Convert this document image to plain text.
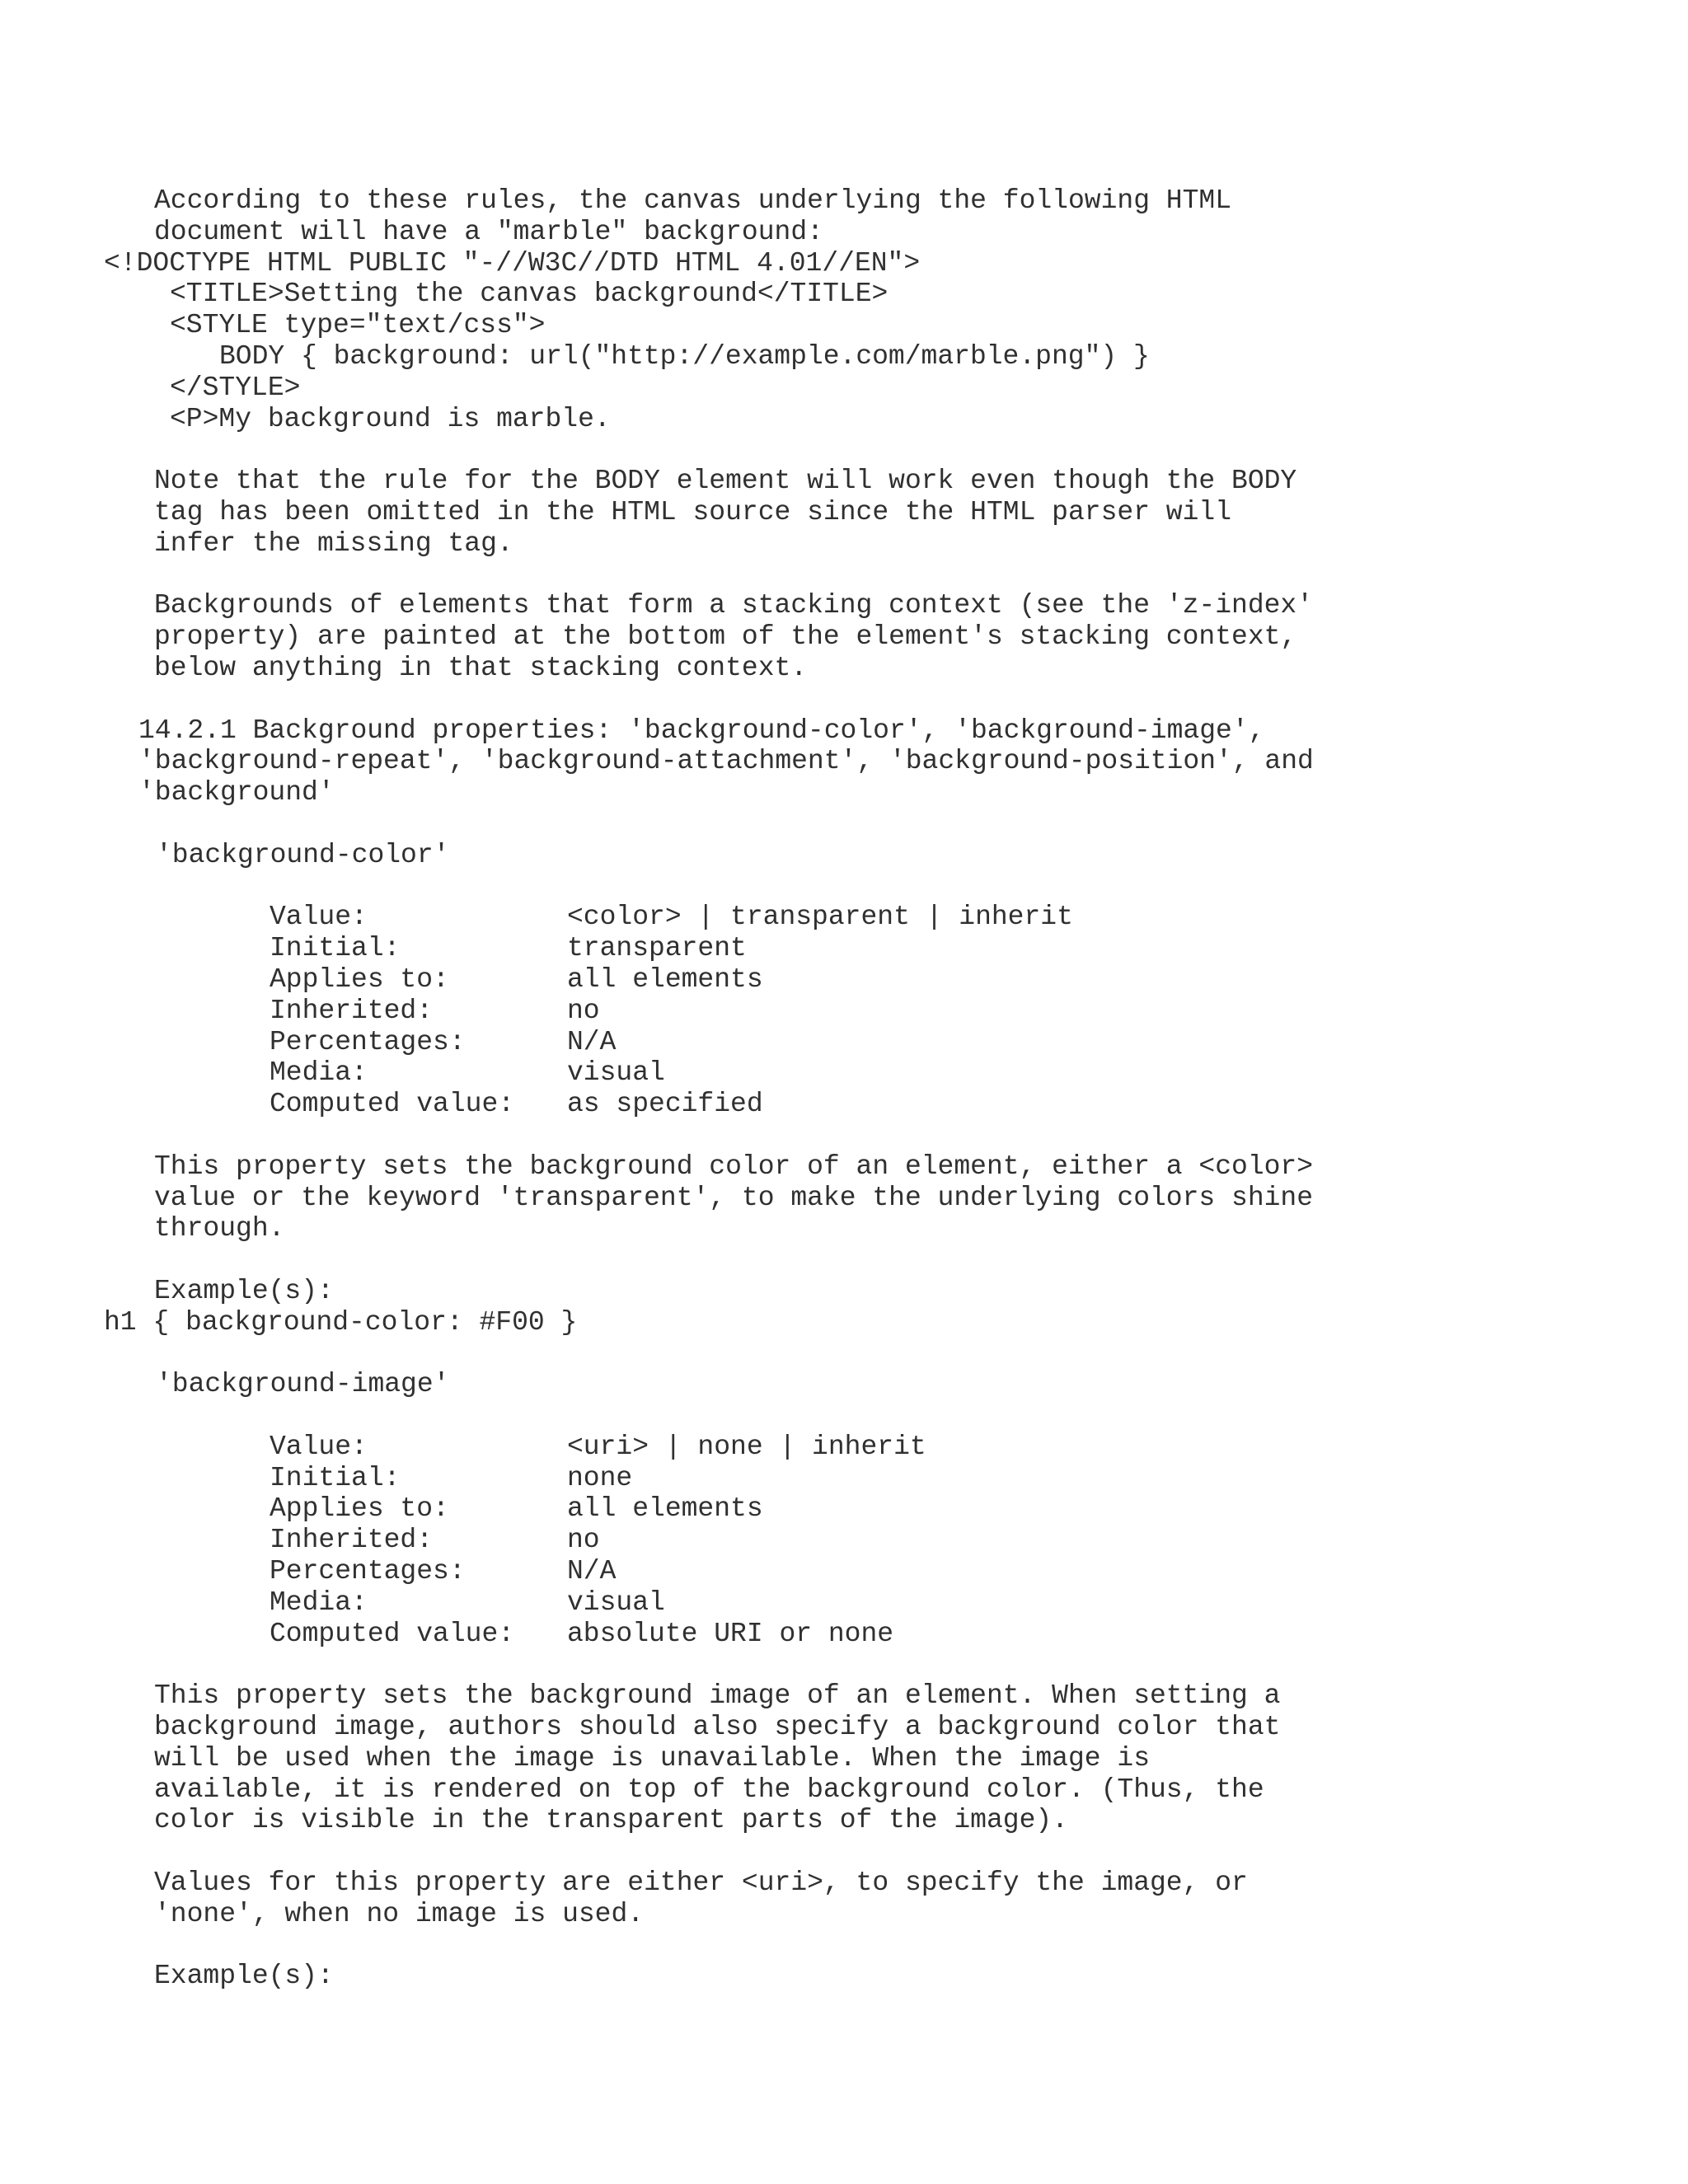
According to these rules, the canvas underlying the following HTML

document will have a "marble" background:

<!DOCTYPE HTML PUBLIC "-//W3C//DTD HTML 4.01//EN">

<TITLE>Setting the canvas background</TITLE>

<STYLE type="text/css">

BODY { background: url("http://example.com/marble.png") }

</STYLE>

<P>My background is marble.

Note that the rule for the BODY element will work even though the BODY

tag has been omitted in the HTML source since the HTML parser will

infer the missing tag.

Backgrounds of elements that form a stacking context (see the 'z-index'

property) are painted at the bottom of the element's stacking context,

below anything in that stacking context.

14.2.1 Background properties: 'background-color', 'background-image',

'background-repeat', 'background-attachment', 'background-position', and

'background'

'background-color'

Value:	<color> | transparent | inherit
Initial:	transparent
Applies to:	all elements
Inherited:	no
Percentages:	N/A
Media:	visual
Computed value:	as specified

This property sets the background color of an element, either a <color>

value or the keyword 'transparent', to make the underlying colors shine

through.

Example(s):

h1 { background-color: #F00 }

'background-image'

Value:	<uri> | none | inherit
Initial:	none
Applies to:	all elements
Inherited:	no
Percentages:	N/A
Media:	visual
Computed value:	absolute URI or none

This property sets the background image of an element. When setting a

background image, authors should also specify a background color that

will be used when the image is unavailable. When the image is

available, it is rendered on top of the background color. (Thus, the

color is visible in the transparent parts of the image).

Values for this property are either <uri>, to specify the image, or

'none', when no image is used.

Example(s):
